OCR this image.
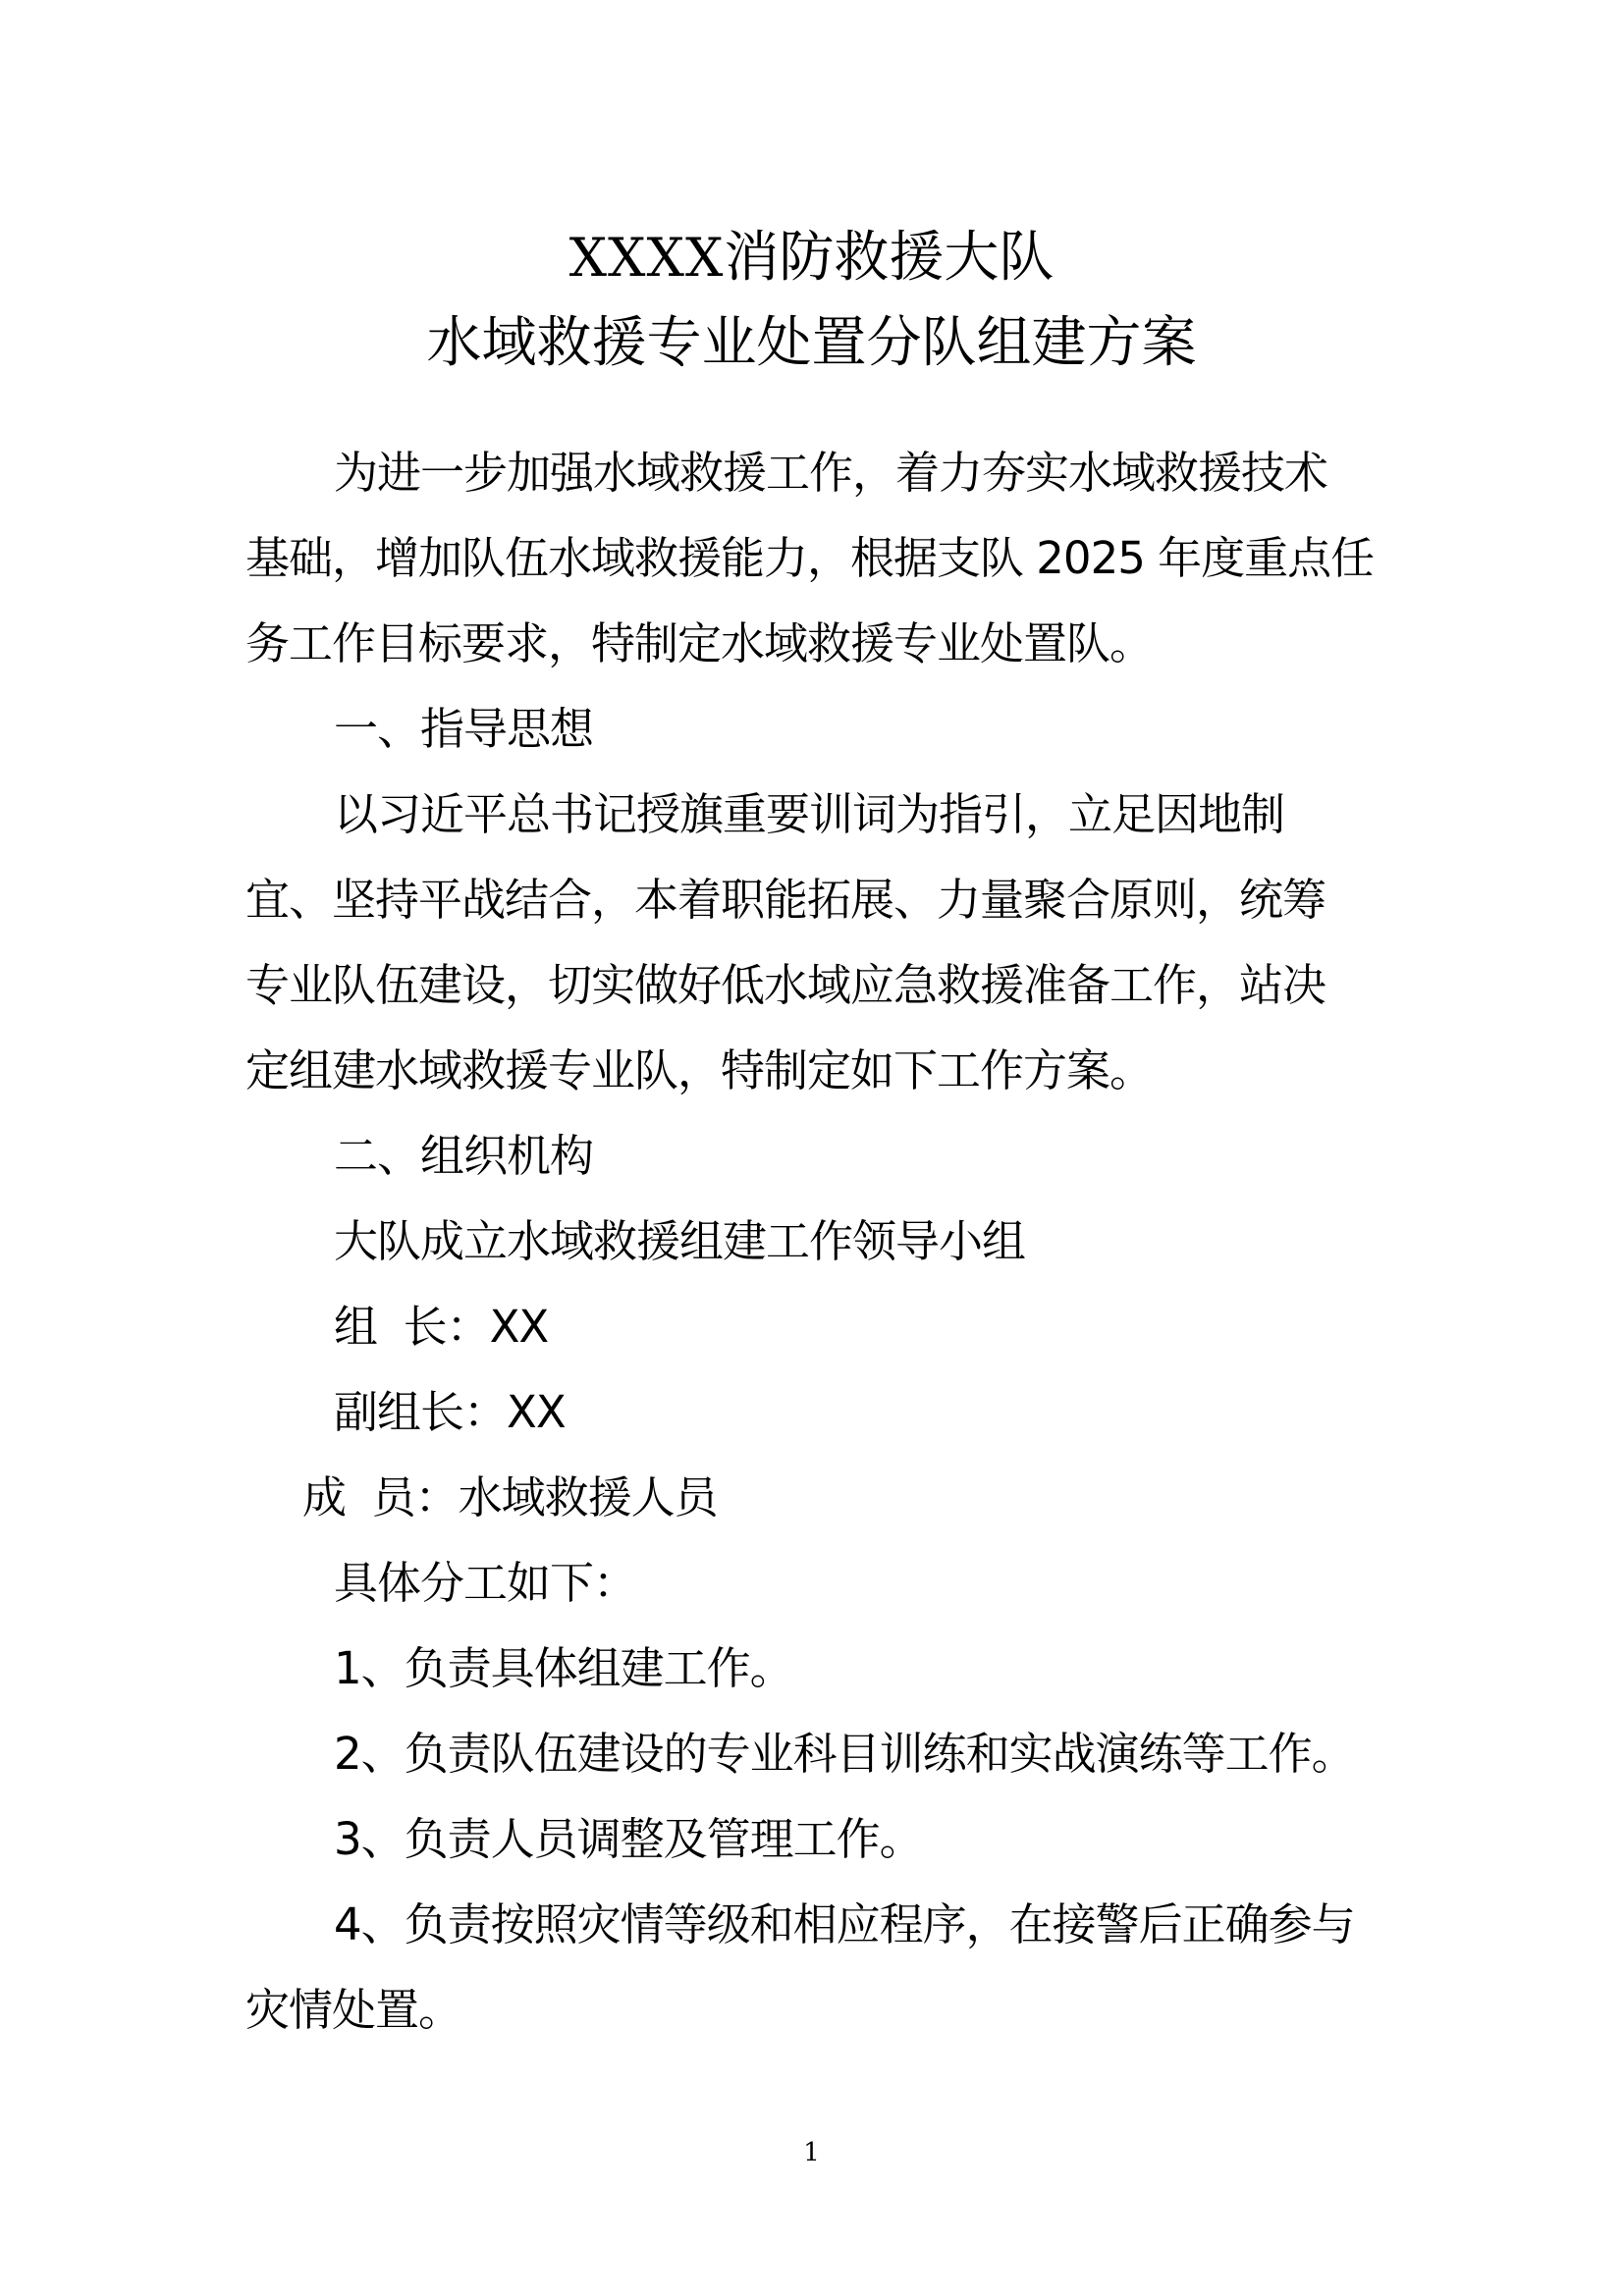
XXXX消防救援大队
水域救援专业处置分队组建方案
为进一步加强水域救援工作，着力夯实水域救援技术
基础，增加队伍水域救援能力，根据支队 2025 年度重点任
务工作目标要求，特制定水域救援专业处置队。
一、指导思想
以习近平总书记授旗重要训词为指引，立足因地制
宜、坚持平战结合，本着职能拓展、力量聚合原则，统筹
专业队伍建设，切实做好低水域应急救援准备工作，站决
定组建水域救援专业队，特制定如下工作方案。
二、组织机构
大队成立水域救援组建工作领导小组
组  长：XX
副组长：XX
成  员：水域救援人员
具体分工如下：
1、负责具体组建工作。
2、负责队伍建设的专业科目训练和实战演练等工作。
3、负责人员调整及管理工作。
4、负责按照灾情等级和相应程序，在接警后正确参与
灾情处置。
1
